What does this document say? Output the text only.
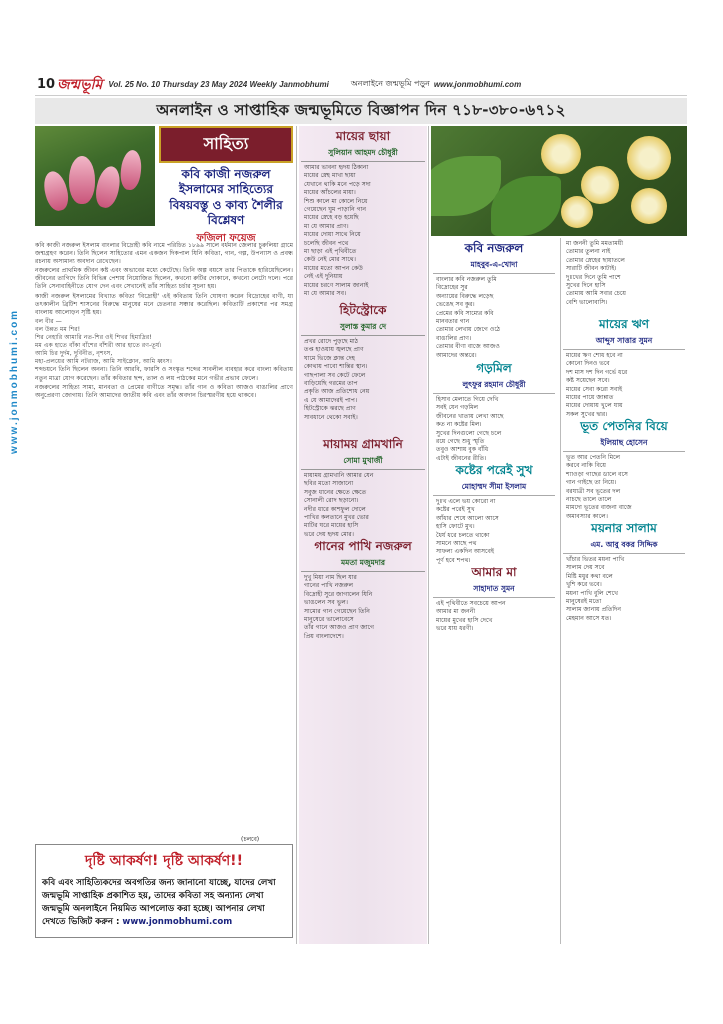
10 জন্মভূমি Vol. 25 No. 10 Thursday 23 May 2024 Weekly Janmobhumi	অনলাইনে জন্মভূমি পড়ুন www.jonmobhumi.com
অনলাইন ও সাপ্তাহিক জন্মভূমিতে বিজ্ঞাপন দিন ৭১৮-৩৮০-৬৭১২
www.jonmobhumi.com
সাহিত্য
কবি কাজী নজরুল ইসলামের সাহিত্যের বিষয়বস্তু ও কাব্য শৈলীর বিশ্লেষণ
ফজিলা ফয়েজ

কবি কাজী নজরুল ইসলাম বাংলার বিদ্রোহী কবি নামে পরিচিত ১৮৯৯ সালে বর্ধমান জেলার চুরুলিয়া গ্রামে জন্মগ্রহণ করেন। তিনি ছিলেন সাহিত্যের এমন একজন দিকপাল যিনি কবিতা, গান, গল্প, উপন্যাস ও প্রবন্ধ রচনায় অসামান্য অবদান রেখেছেন।

নজরুলের প্রাথমিক জীবন কষ্ট এবং অভাবের মধ্যে কেটেছে। তিনি অল্প বয়সে তার পিতাকে হারিয়েছিলেন। জীবনের তাগিদে তিনি বিভিন্ন পেশায় নিয়োজিত ছিলেন, কখনো রুটির দোকানে, কখনো লেটো দলে। পরে তিনি সেনাবাহিনীতে যোগ দেন এবং সেখানেই তাঁর সাহিত্য চর্চার সূচনা হয়।

কাজী নজরুল ইসলামের বিখ্যাত কবিতা 'বিদ্রোহী' এই কবিতায় তিনি ঘোষণা করেন বিদ্রোহের বাণী, যা তৎকালীন ব্রিটিশ শাসনের বিরুদ্ধে মানুষের মনে চেতনার সঞ্চার করেছিল। কবিতাটি প্রকাশের পর সমগ্র বাংলায় আলোড়ন সৃষ্টি হয়।

বল বীর —
বল উন্নত মম শির!
শির নেহারি আমারি নত-শির ওই শিখর হিমাদ্রির!
মম এক হাতে বাঁকা বাঁশের বাঁশরী আর হাতে রণ-তূর্য।
আমি চির দুর্দম, দুর্বিনীত, নৃশংস,
মহা-প্রলয়ের আমি নটরাজ, আমি সাইক্লোন, আমি ধ্বংস।

শব্দচয়নে তিনি ছিলেন অনন্য। তিনি আরবি, ফারসি ও সংস্কৃত শব্দের সাবলীল ব্যবহার করে বাংলা কবিতায় নতুন মাত্রা যোগ করেছেন। তাঁর কবিতার ছন্দ, তাল ও লয় পাঠকের মনে গভীর প্রভাব ফেলে।

নজরুলের সাহিত্য সাম্য, মানবতা ও প্রেমের বাণীতে সমৃদ্ধ। তাঁর গান ও কবিতা আজও বাঙালির প্রাণে অনুপ্রেরণা জোগায়। তিনি আমাদের জাতীয় কবি এবং তাঁর অবদান চিরস্মরণীয় হয়ে থাকবে।

(চলবে)
দৃষ্টি আকর্ষণ! দৃষ্টি আকর্ষণ!!
কবি এবং সাহিত্যিকদের অবগতির জন্য জানানো যাচ্ছে, যাদের লেখা জন্মভূমি সাপ্তাহিক প্রকাশিত হয়, তাদের কবিতা সহ অন্যান্য লেখা জন্মভূমি অনলাইনে নিয়মিত আপলোড করা হচ্ছে। আপনার লেখা দেখতে ভিজিট করুন : www.jonmobhumi.com
মায়ের ছায়া
সুলিয়ান আহমদ চৌধুরী
আমার ভাবনা হৃদয় ঠিকানা
মায়ের স্নেহ মাখা ছায়া
যেখানে থাকি মনে পড়ে সদা
মায়ের আঁচলের মায়া।
শিশু কালে মা কোলে নিয়ে
গেয়েছেন ঘুম পাড়ানি গান
মায়ের স্নেহে বড় হয়েছি
মা যে আমার প্রাণ।
মায়ের দোয়া সাথে নিয়ে
চলেছি জীবন পথে
মা ছাড়া এই পৃথিবীতে
কেউ নেই মোর সাথে।
মায়ের মতো আপন কেউ
নেই এই দুনিয়ায়
মায়ের চরণে সালাম জানাই
মা যে আমার সব।
হিটস্ট্রোকে
সুলাস্ত কুমার দে
প্রখর রোদে পুড়ছে মাঠ
তপ্ত হাওয়ায় জ্বলছে প্রাণ
ঘামে ভিজে ক্লান্ত দেহ
কোথায় পাবো শান্তির স্থান।
গাছপালা সব কেটে ফেলে
বাড়িয়েছি গরমের তাপ
প্রকৃতি আজ প্রতিশোধ নেয়
এ যে আমাদেরই পাপ।
হিটস্ট্রোকে ঝরছে প্রাণ
সাবধানে থেকো সবাই।
মায়াময় গ্রামখানি
সোমা মুখার্জী
মায়াময় গ্রামখানি আমার যেন
ছবির মতো সাজানো
সবুজ ধানের ক্ষেতে ক্ষেতে
সোনালী রোদ ছড়ানো।
নদীর ধারে কাশফুল দোলে
পাখির কলতানে মুখর ভোর
মাটির ঘরে মায়ের হাসি
ভরে দেয় হৃদয় মোর।
গানের পাখি নজরুল
মমতা মজুমদার
দুখু মিয়া নাম ছিল যার
গানের পাখি নজরুল
বিদ্রোহী সুরে জাগালেন যিনি
ভাঙলেন সব ভুল।
সাম্যের গান গেয়েছেন তিনি
মানুষেরে ভালোবেসে
তাঁর গানে আজও প্রাণ জাগে
প্রিয় বাংলাদেশে।
কবি নজরুল
মাহবুব-এ-খোদা
বাংলার কবি নজরুল তুমি
বিদ্রোহের সুর
অন্যায়ের বিরুদ্ধে লড়েছ
ভেঙেছ সব কুর।
প্রেমের কবি সাম্যের কবি
মানবতার গান
তোমার লেখায় জেগে ওঠে
বাঙালির প্রাণ।
তোমার বীণা বাজে আজও
আমাদের অন্তরে।
গড়মিল
লুৎফুর রহমান চৌধুরী
হিসাব মেলাতে গিয়ে দেখি
সবই যেন গড়মিল
জীবনের খাতায় লেখা আছে
কত না কষ্টের মিল।
সুখের দিনগুলো গেছে চলে
রয়ে গেছে শুধু স্মৃতি
তবুও আশায় বুক বাঁধি
এটাই জীবনের রীতি।
কষ্টের পরেই সুখ
মোহাম্মদ সীমা ইসলাম
দুঃখ এলে ভয় কোরো না
কষ্টের পরেই সুখ
আঁধার শেষে আলো আসে
হাসি ফোটে মুখ।
ধৈর্য ধরে চলতে থাকো
সামনে আছে পথ
সাফল্য একদিন আসবেই
পূর্ণ হবে শপথ।
আমার মা
সাহাদাত সুমন
এই পৃথিবীতে সবচেয়ে আপন
আমার মা জননী
মায়ের মুখের হাসি দেখে
ভরে যায় ধরণী।
মা জননী তুমি মমতাময়ী
তোমার তুলনা নাই
তোমার স্নেহের ছায়াতলে
সারাটি জীবন কাটাই।
দুঃখের দিনে তুমি পাশে
সুখের দিনে হাসি
তোমায় আমি সবার চেয়ে
বেশি ভালোবাসি।
মায়ের ঋণ
আব্দুস সাত্তার সুমন
মায়ের ঋণ শোধ হবে না
কোনো দিনও ভবে
দশ মাস দশ দিন গর্ভে ধরে
কষ্ট সয়েছেন সবে।
মায়ের সেবা করো সবাই
মায়ের পায়ে জান্নাত
মায়ের দোয়ায় খুলে যায়
সকল সুখের দ্বার।
ভূত পেতনির বিয়ে
ইলিয়াছ হোসেন
ভূত আর পেতনি মিলে
করবে নাকি বিয়ে
শ্যাওড়া গাছের ডালে বসে
গান গাইছে তা নিয়ে।
বরযাত্রী সব ভূতের দল
নাচছে তালে তালে
মামদো ভূতের বাজনা বাজে
অমাবস্যার কালে।
ময়নার সালাম
এম. আবু বকর সিদ্দিক
খাঁচার ভিতর ময়না পাখি
সালাম দেয় সবে
মিষ্টি মধুর কথা বলে
খুশি করে ভবে।
ময়না পাখি বুলি শেখে
মানুষেরই মতো
সালাম জানায় প্রতিদিন
মেহমান আসে যত।
